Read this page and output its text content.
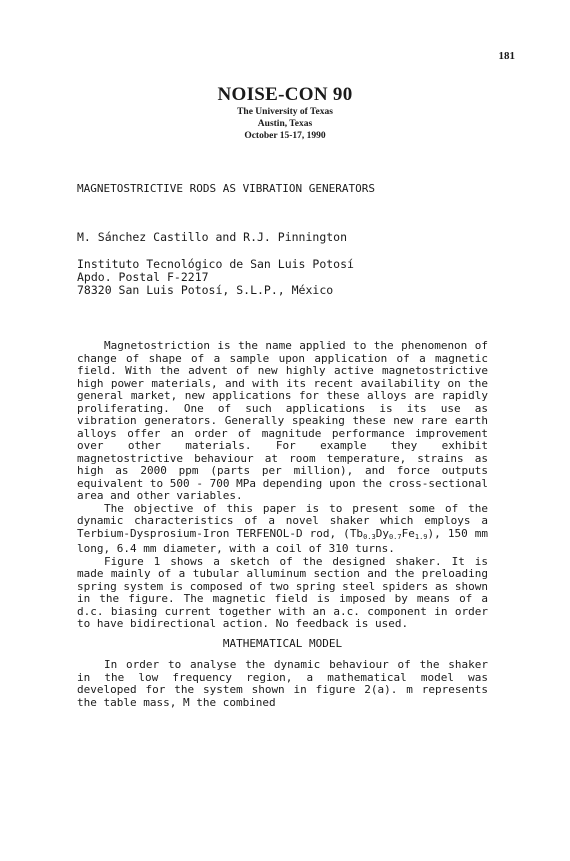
181
NOISE-CON 90
The University of Texas
Austin, Texas
October 15-17, 1990
MAGNETOSTRICTIVE RODS AS VIBRATION GENERATORS
M. Sánchez Castillo and R.J. Pinnington
Instituto Tecnológico de San Luis Potosí
Apdo. Postal F-2217
78320 San Luis Potosí, S.L.P., México

Magnetostriction is the name applied to the phenomenon of change of shape of a sample upon application of a magnetic field. With the advent of new highly active magnetostrictive high power materials, and with its recent availability on the general market, new applications for these alloys are rapidly proliferating. One of such applications is its use as vibration generators. Generally speaking these new rare earth alloys offer an order of magnitude performance improvement over other materials. For example they exhibit magnetostrictive behaviour at room temperature, strains as high as 2000 ppm (parts per million), and force outputs equivalent to 500 - 700 MPa depending upon the cross-sectional area and other variables.

The objective of this paper is to present some of the dynamic characteristics of a novel shaker which employs a Terbium-Dysprosium-Iron TERFENOL-D rod, $(Tb_{0.3}Dy_{0.7}Fe_{1.9})$, 150 mm long, 6.4 mm diameter, with a coil of 310 turns.

Figure 1 shows a sketch of the designed shaker. It is made mainly of a tubular alluminum section and the preloading spring system is composed of two spring steel spiders as shown in the figure. The magnetic field is imposed by means of a d.c. biasing current together with an a.c. component in order to have bidirectional action. No feedback is used.

MATHEMATICAL MODEL

In order to analyse the dynamic behaviour of the shaker in the low frequency region, a mathematical model was developed for the system shown in figure 2(a). m represents the table mass, M the combined
